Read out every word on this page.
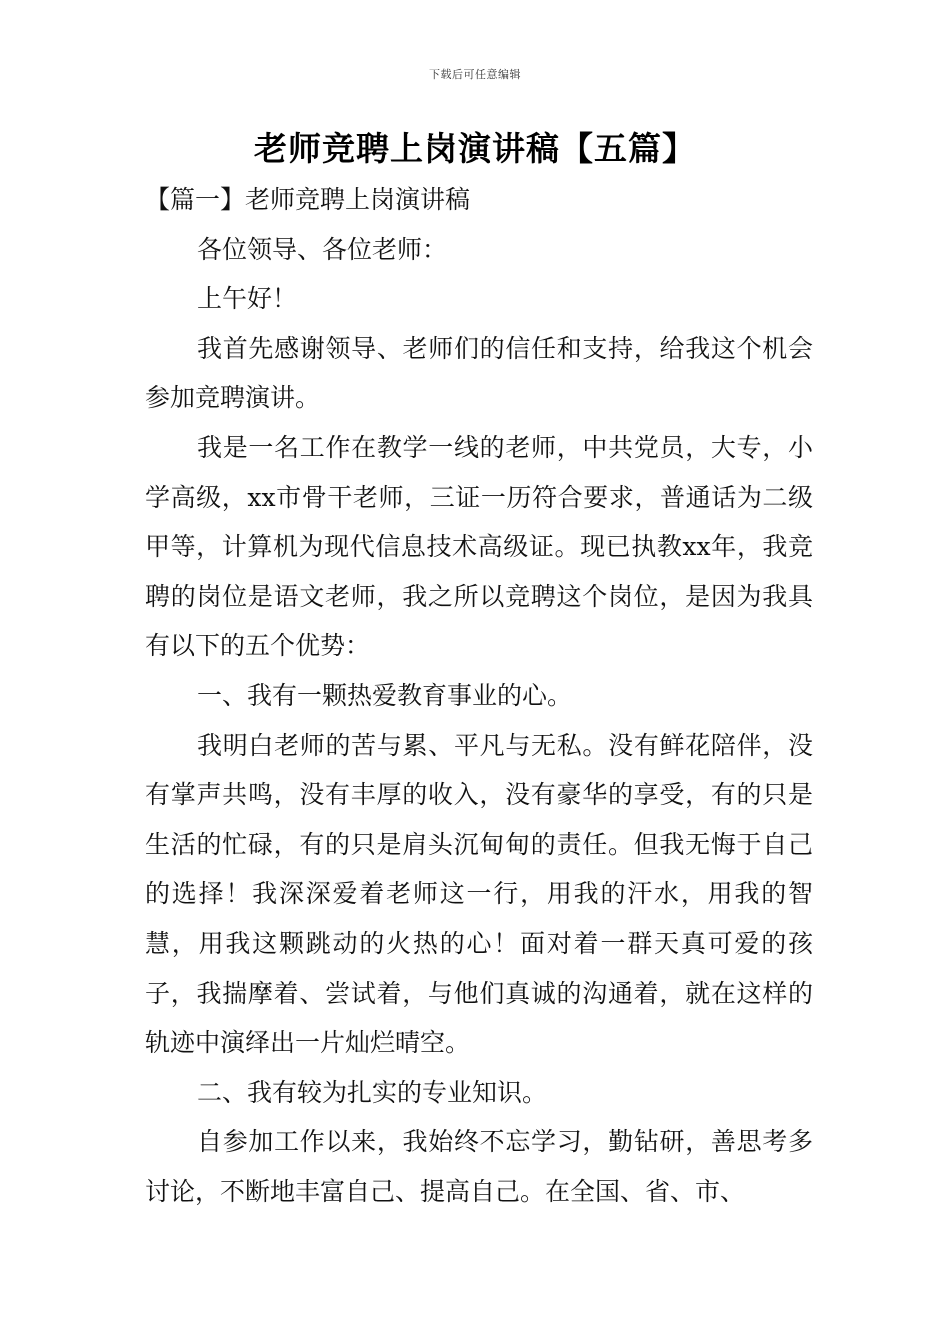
下载后可任意编辑
老师竞聘上岗演讲稿【五篇】

【篇一】老师竞聘上岗演讲稿

各位领导、各位老师：

上午好！

我首先感谢领导、老师们的信任和支持，给我这个机会参加竞聘演讲。

我是一名工作在教学一线的老师，中共党员，大专，小学高级，xx市骨干老师，三证一历符合要求，普通话为二级甲等，计算机为现代信息技术高级证。现已执教xx年，我竞聘的岗位是语文老师，我之所以竞聘这个岗位，是因为我具有以下的五个优势：

一、我有一颗热爱教育事业的心。

我明白老师的苦与累、平凡与无私。没有鲜花陪伴，没有掌声共鸣，没有丰厚的收入，没有豪华的享受，有的只是生活的忙碌，有的只是肩头沉甸甸的责任。但我无悔于自己的选择！我深深爱着老师这一行，用我的汗水，用我的智慧，用我这颗跳动的火热的心！面对着一群天真可爱的孩子，我揣摩着、尝试着，与他们真诚的沟通着，就在这样的轨迹中演绎出一片灿烂晴空。

二、我有较为扎实的专业知识。

自参加工作以来，我始终不忘学习，勤钻研，善思考多讨论，不断地丰富自己、提高自己。在全国、省、市、
